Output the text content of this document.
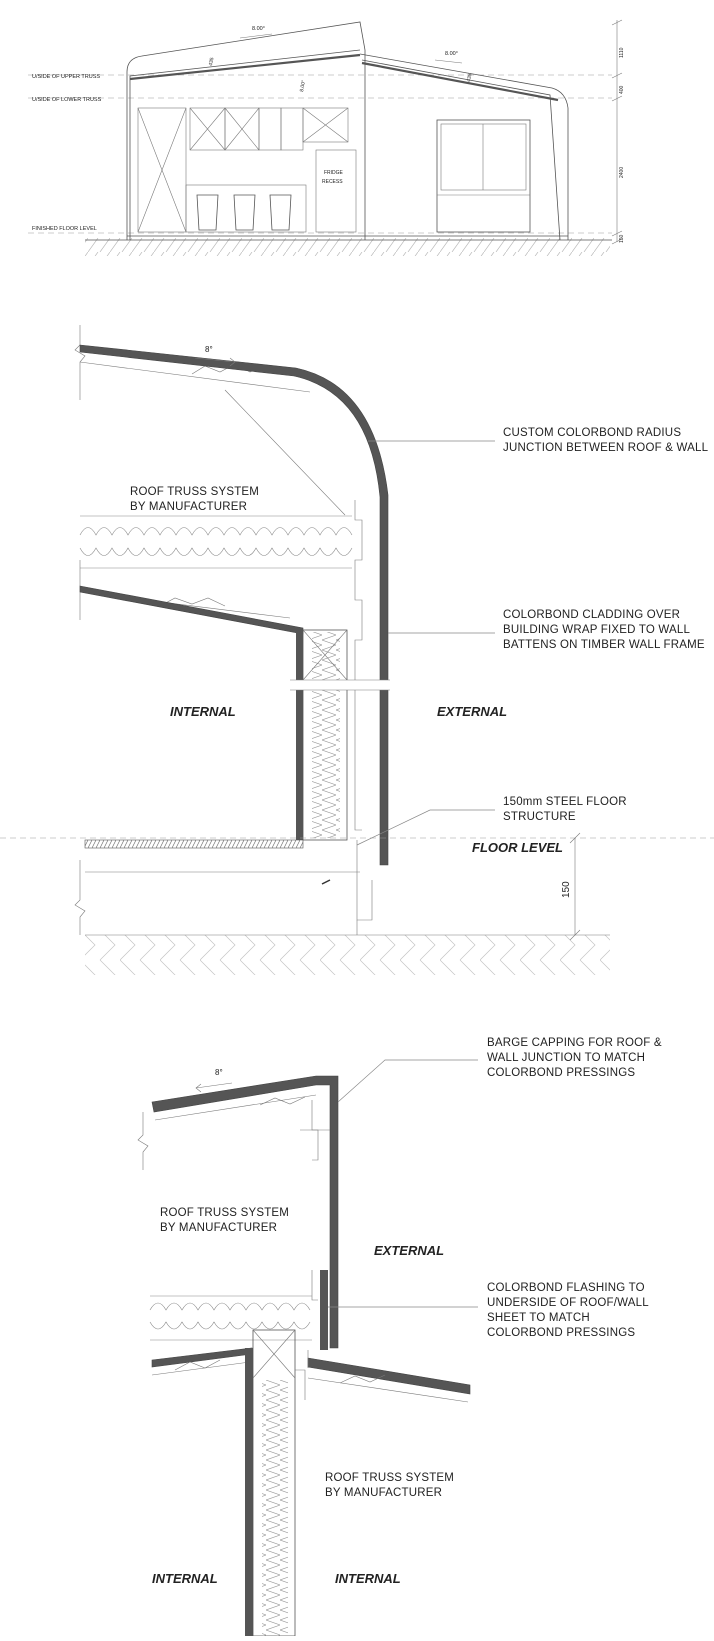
U/SIDE OF UPPER TRUSS
U/SIDE OF LOWER TRUSS
FINISHED FLOOR LEVEL
FRIDGE
RECESS
8.00°
8.00°
435
8.00°
435
1110
400
2400
150
150
8°
CUSTOM COLORBOND RADIUS
JUNCTION BETWEEN ROOF & WALL
ROOF TRUSS SYSTEM
BY MANUFACTURER
COLORBOND CLADDING OVER
BUILDING WRAP FIXED TO WALL
BATTENS ON TIMBER WALL FRAME
INTERNAL	EXTERNAL
150mm STEEL FLOOR
STRUCTURE
FLOOR LEVEL
8°
BARGE CAPPING FOR ROOF &
WALL JUNCTION TO MATCH
COLORBOND PRESSINGS
ROOF TRUSS SYSTEM
BY MANUFACTURER
EXTERNAL
COLORBOND FLASHING TO
UNDERSIDE OF ROOF/WALL
SHEET TO MATCH
COLORBOND PRESSINGS
ROOF TRUSS SYSTEM
BY MANUFACTURER
INTERNAL	INTERNAL
